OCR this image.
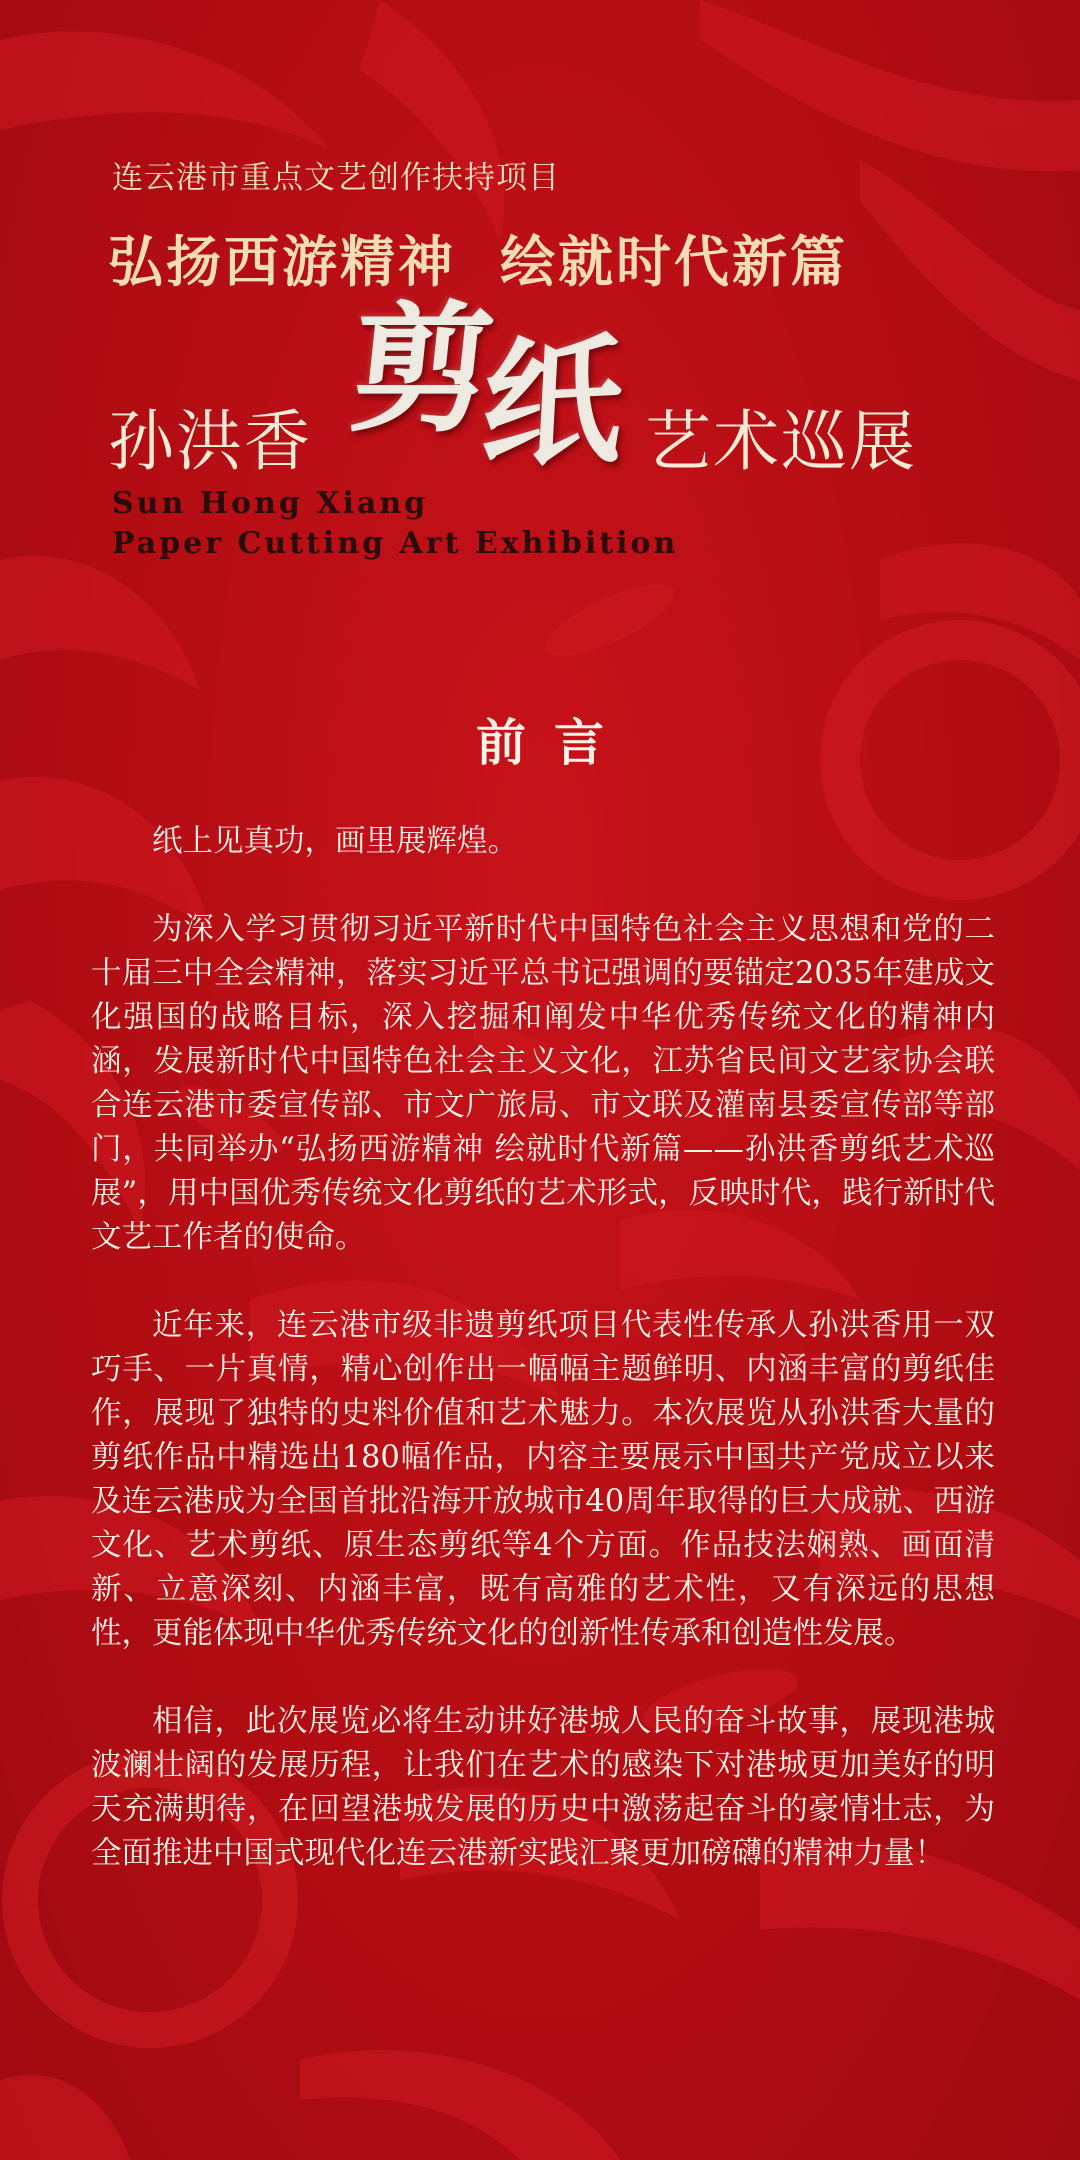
连云港市重点文艺创作扶持项目
弘扬西游精神 绘就时代新篇
孙洪香 剪纸 艺术巡展
Sun Hong Xiang
Paper Cutting Art Exhibition
前言

纸上见真功，画里展辉煌。

为深入学习贯彻习近平新时代中国特色社会主义思想和党的二十届三中全会精神，落实习近平总书记强调的要锚定2035年建成文化强国的战略目标，深入挖掘和阐发中华优秀传统文化的精神内涵，发展新时代中国特色社会主义文化，江苏省民间文艺家协会联合连云港市委宣传部、市文广旅局、市文联及灌南县委宣传部等部门，共同举办“弘扬西游精神 绘就时代新篇——孙洪香剪纸艺术巡展”，用中国优秀传统文化剪纸的艺术形式，反映时代，践行新时代文艺工作者的使命。

近年来，连云港市级非遗剪纸项目代表性传承人孙洪香用一双巧手、一片真情，精心创作出一幅幅主题鲜明、内涵丰富的剪纸佳作，展现了独特的史料价值和艺术魅力。本次展览从孙洪香大量的剪纸作品中精选出180幅作品，内容主要展示中国共产党成立以来及连云港成为全国首批沿海开放城市40周年取得的巨大成就、西游文化、艺术剪纸、原生态剪纸等4个方面。作品技法娴熟、画面清新、立意深刻、内涵丰富，既有高雅的艺术性，又有深远的思想性，更能体现中华优秀传统文化的创新性传承和创造性发展。

相信，此次展览必将生动讲好港城人民的奋斗故事，展现港城波澜壮阔的发展历程，让我们在艺术的感染下对港城更加美好的明天充满期待，在回望港城发展的历史中激荡起奋斗的豪情壮志，为全面推进中国式现代化连云港新实践汇聚更加磅礴的精神力量！
